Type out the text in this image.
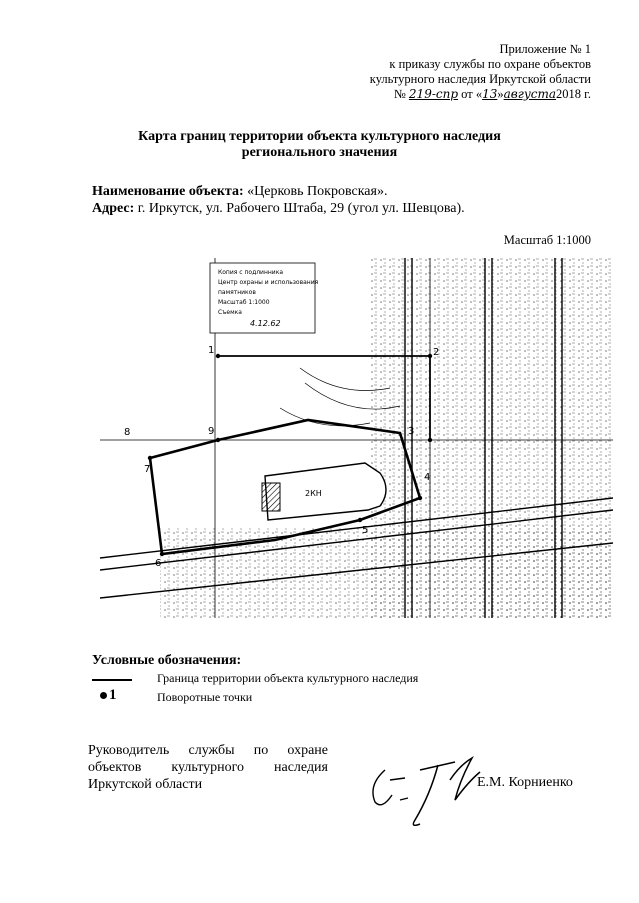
Приложение № 1
к приказу службы по охране объектов
культурного наследия Иркутской области
№ 219-спр от «13»августа2018 г.
Карта границ территории объекта культурного наследия
регионального значения
Наименование объекта: «Церковь Покровская».
Адрес: г. Иркутск, ул. Рабочего Штаба, 29 (угол ул. Шевцова).
Масштаб 1:1000
Копия с подлинника
Центр охраны и использования
памятников
Масштаб 1:1000
Съемка
4.12.62
2КН
1	2
3
4
5
6
7
8	9
Условные обозначения:
Граница территории объекта культурного наследия
1	Поворотные точки
Руководитель службы по охране
объектов культурного наследия
Иркутской области	Е.М. Корниенко
